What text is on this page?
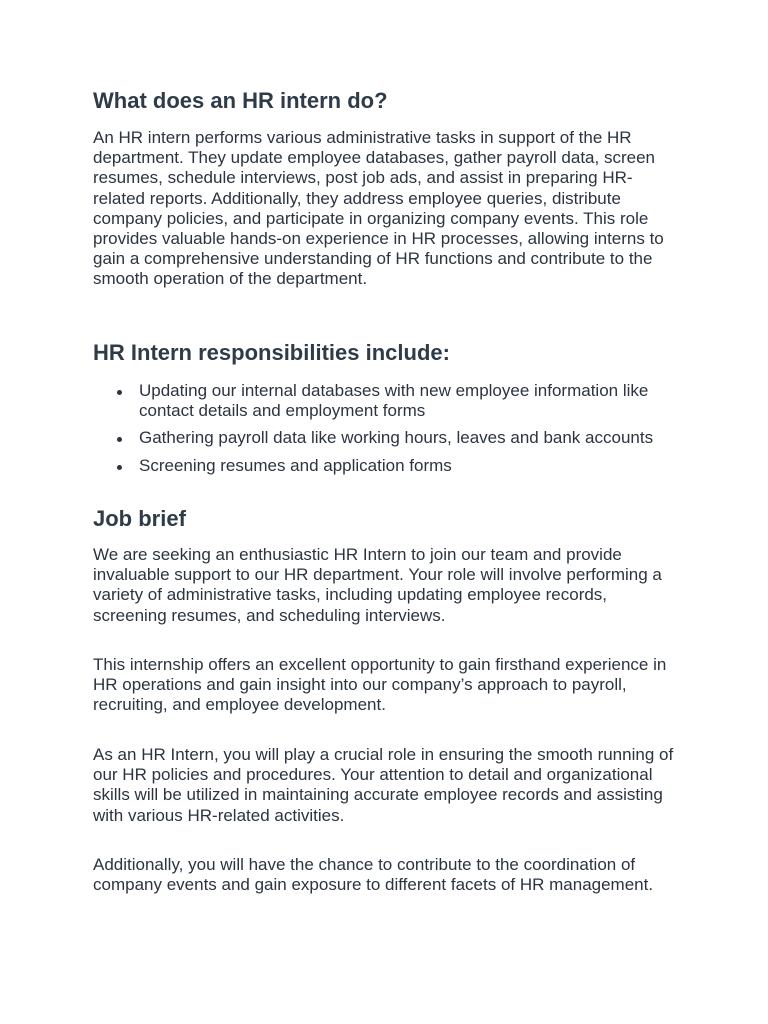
What does an HR intern do?

An HR intern performs various administrative tasks in support of the HR department. They update employee databases, gather payroll data, screen resumes, schedule interviews, post job ads, and assist in preparing HR-related reports. Additionally, they address employee queries, distribute company policies, and participate in organizing company events. This role provides valuable hands-on experience in HR processes, allowing interns to gain a comprehensive understanding of HR functions and contribute to the smooth operation of the department.

HR Intern responsibilities include:
Updating our internal databases with new employee information like contact details and employment forms
Gathering payroll data like working hours, leaves and bank accounts
Screening resumes and application forms
Job brief

We are seeking an enthusiastic HR Intern to join our team and provide invaluable support to our HR department. Your role will involve performing a variety of administrative tasks, including updating employee records, screening resumes, and scheduling interviews.

This internship offers an excellent opportunity to gain firsthand experience in HR operations and gain insight into our company’s approach to payroll, recruiting, and employee development.

As an HR Intern, you will play a crucial role in ensuring the smooth running of our HR policies and procedures. Your attention to detail and organizational skills will be utilized in maintaining accurate employee records and assisting with various HR-related activities.

Additionally, you will have the chance to contribute to the coordination of company events and gain exposure to different facets of HR management.
